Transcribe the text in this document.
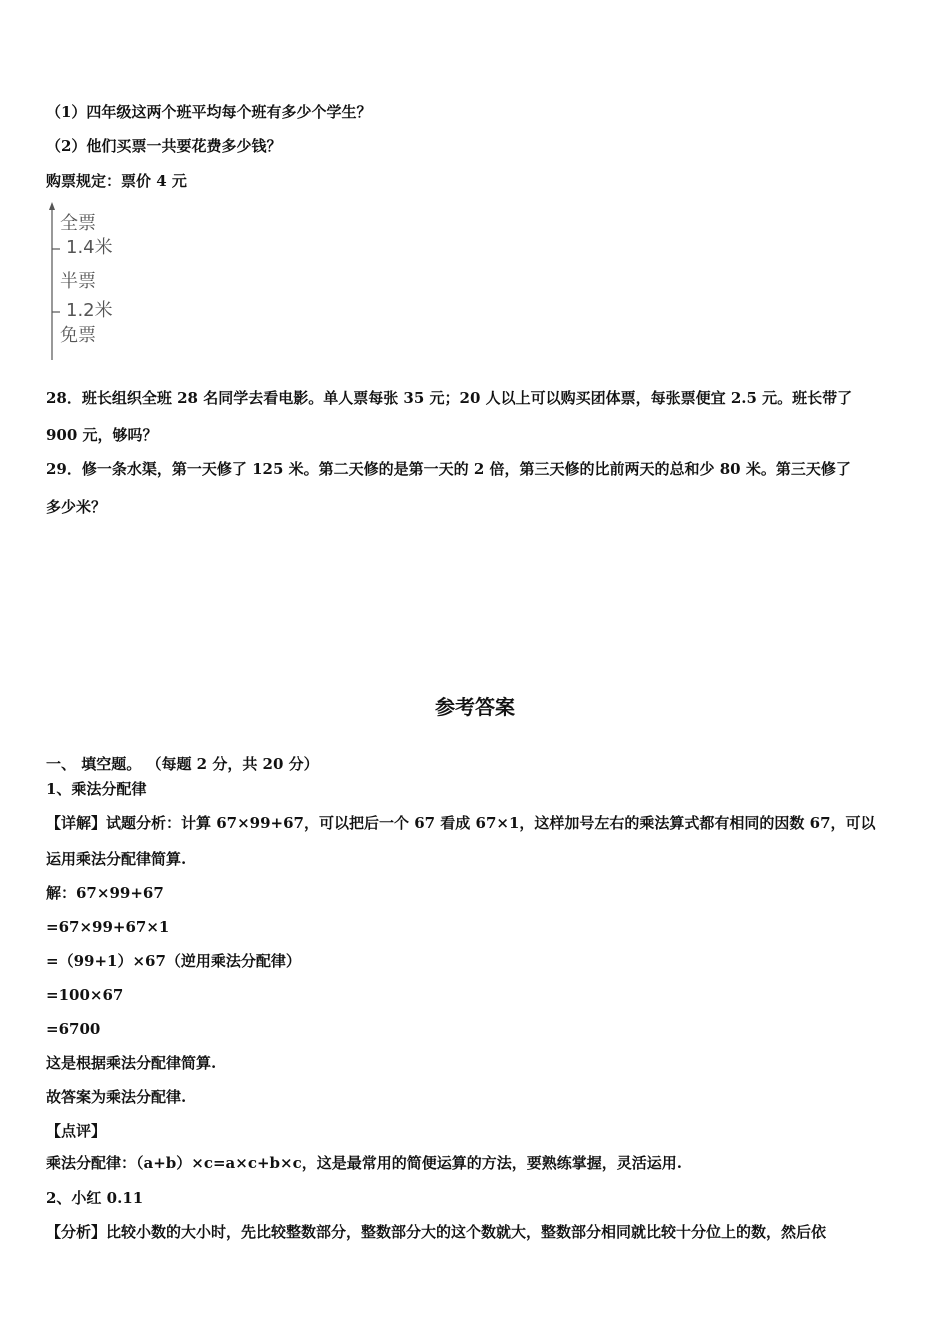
（1）四年级这两个班平均每个班有多少个学生？
（2）他们买票一共要花费多少钱？
购票规定：票价 4 元
全票
1.4米
半票
1.2米
免票
28．班长组织全班 28 名同学去看电影。单人票每张 35 元；20 人以上可以购买团体票，每张票便宜 2.5 元。班长带了
900 元，够吗？
29．修一条水渠，第一天修了 125 米。第二天修的是第一天的 2 倍，第三天修的比前两天的总和少 80 米。第三天修了
多少米？
参考答案
一、 填空题。 （每题 2 分，共 20 分）
1、乘法分配律
【详解】试题分析：计算 67×99+67，可以把后一个 67 看成 67×1，这样加号左右的乘法算式都有相同的因数 67，可以
运用乘法分配律简算.
解：67×99+67
=67×99+67×1
=（99+1）×67（逆用乘法分配律）
=100×67
=6700
这是根据乘法分配律简算.
故答案为乘法分配律.
【点评】
乘法分配律：（a+b）×c=a×c+b×c，这是最常用的简便运算的方法，要熟练掌握，灵活运用.
2、小红 0.11
【分析】比较小数的大小时，先比较整数部分，整数部分大的这个数就大，整数部分相同就比较十分位上的数，然后依
